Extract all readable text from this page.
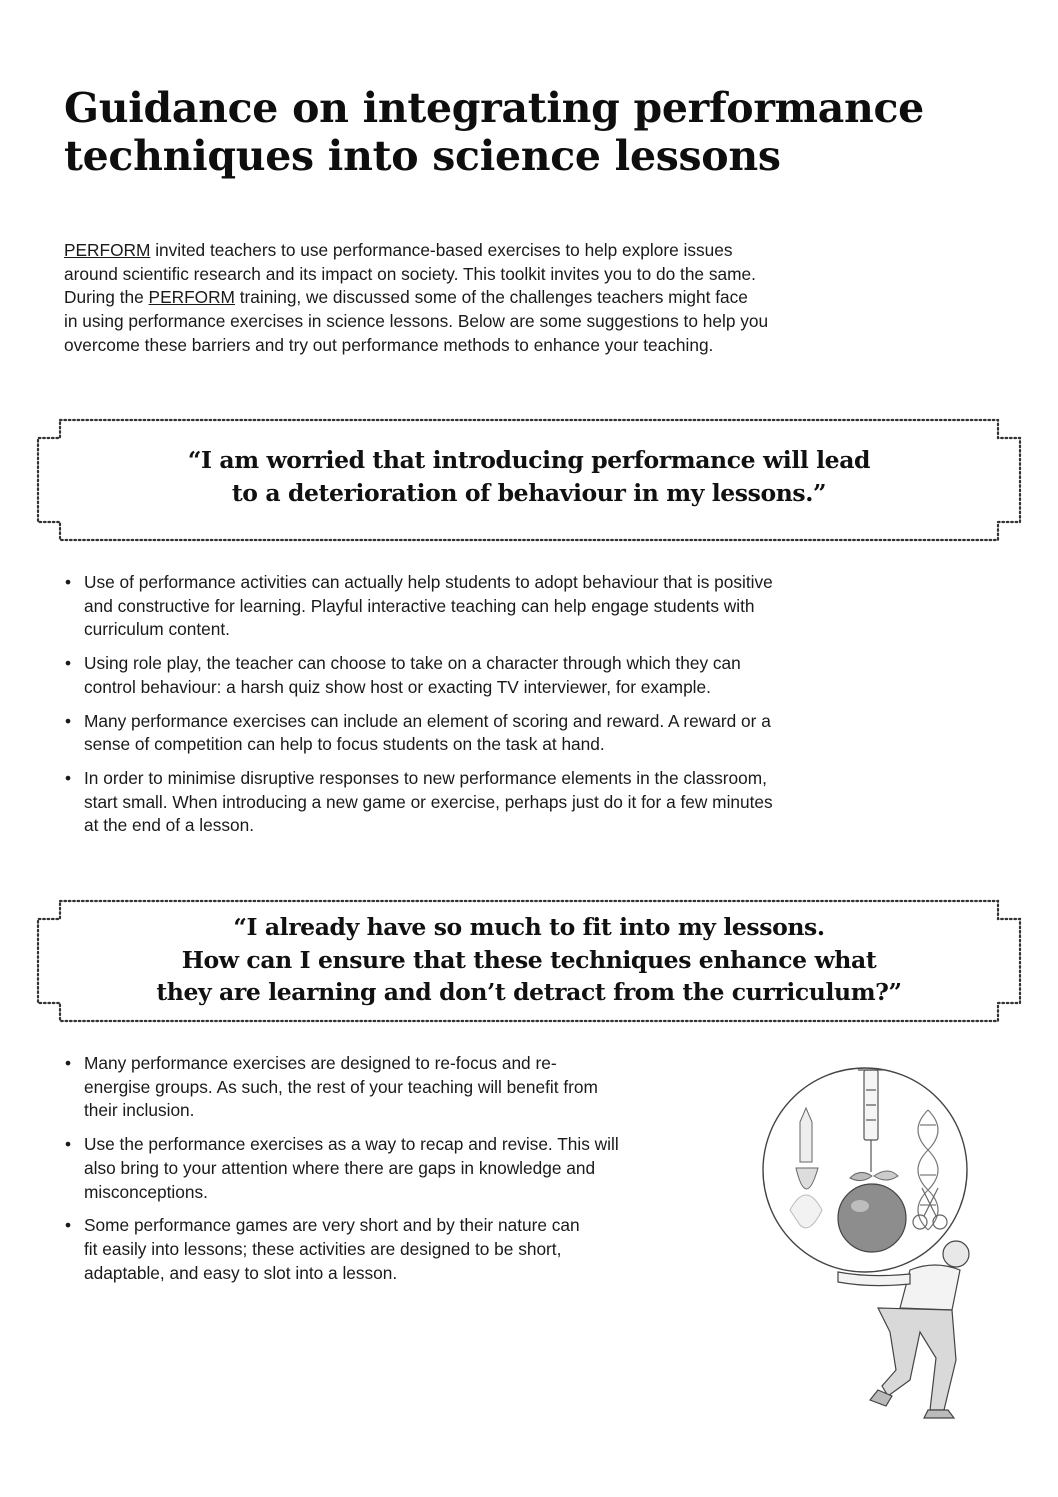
Guidance on integrating performance
techniques into science lessons

PERFORM invited teachers to use performance-based exercises to help explore issues
around scientific research and its impact on society. This toolkit invites you to do the same.
During the PERFORM training, we discussed some of the challenges teachers might face
in using performance exercises in science lessons. Below are some suggestions to help you
overcome these barriers and try out performance methods to enhance your teaching.

“I am worried that introducing performance will lead
to a deterioration of behaviour in my lessons.”
• Use of performance activities can actually help students to adopt behaviour that is positive
and constructive for learning. Playful interactive teaching can help engage students with
curriculum content.
• Using role play, the teacher can choose to take on a character through which they can
control behaviour: a harsh quiz show host or exacting TV interviewer, for example.
• Many performance exercises can include an element of scoring and reward. A reward or a
sense of competition can help to focus students on the task at hand.
• In order to minimise disruptive responses to new performance elements in the classroom,
start small. When introducing a new game or exercise, perhaps just do it for a few minutes
at the end of a lesson.
“I already have so much to fit into my lessons.
How can I ensure that these techniques enhance what
they are learning and don’t detract from the curriculum?”
• Many performance exercises are designed to re-focus and re-
energise groups. As such, the rest of your teaching will benefit from
their inclusion.
• Use the performance exercises as a way to recap and revise. This will
also bring to your attention where there are gaps in knowledge and
misconceptions.
• Some performance games are very short and by their nature can
fit easily into lessons; these activities are designed to be short,
adaptable, and easy to slot into a lesson.
